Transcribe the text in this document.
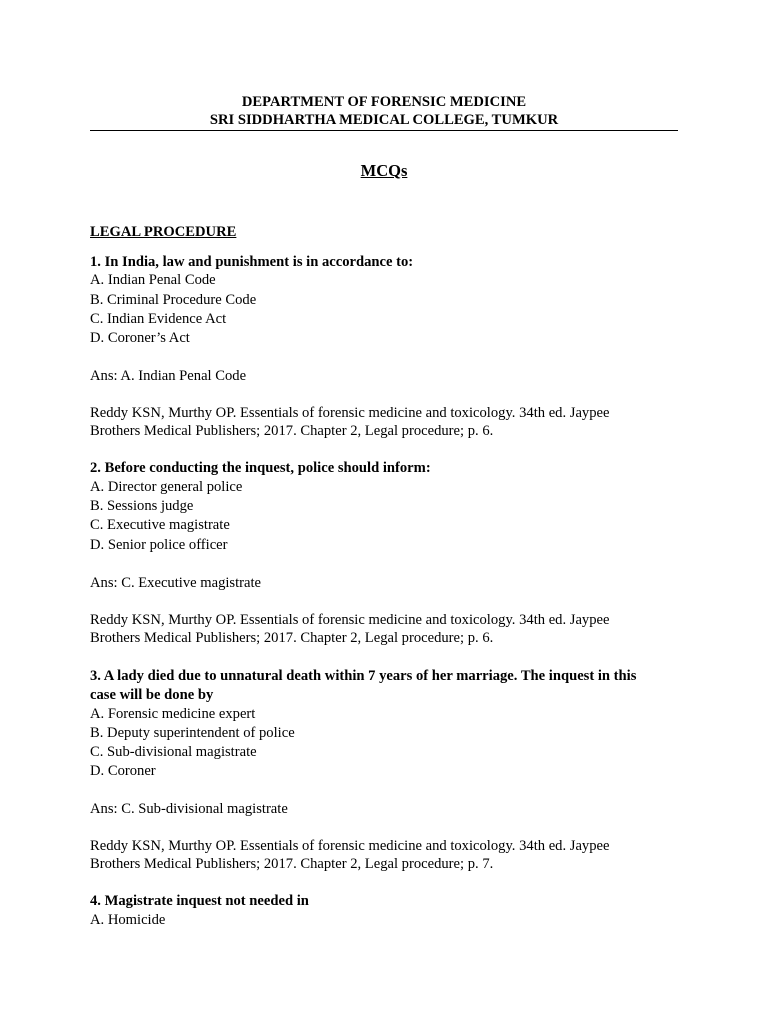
DEPARTMENT OF FORENSIC MEDICINE
SRI SIDDHARTHA MEDICAL COLLEGE, TUMKUR
MCQs
LEGAL PROCEDURE
1. In India, law and punishment is in accordance to:
A. Indian Penal Code
B. Criminal Procedure Code
C. Indian Evidence Act
D. Coroner’s Act
Ans: A. Indian Penal Code
Reddy KSN, Murthy OP. Essentials of forensic medicine and toxicology. 34th ed. Jaypee
Brothers Medical Publishers; 2017. Chapter 2, Legal procedure; p. 6.
2. Before conducting the inquest, police should inform:
A. Director general police
B. Sessions judge
C. Executive magistrate
D. Senior police officer
Ans: C. Executive magistrate
Reddy KSN, Murthy OP. Essentials of forensic medicine and toxicology. 34th ed. Jaypee
Brothers Medical Publishers; 2017. Chapter 2, Legal procedure; p. 6.
3. A lady died due to unnatural death within 7 years of her marriage. The inquest in this
case will be done by
A. Forensic medicine expert
B. Deputy superintendent of police
C. Sub-divisional magistrate
D. Coroner
Ans: C. Sub-divisional magistrate
Reddy KSN, Murthy OP. Essentials of forensic medicine and toxicology. 34th ed. Jaypee
Brothers Medical Publishers; 2017. Chapter 2, Legal procedure; p. 7.
4. Magistrate inquest not needed in
A. Homicide
